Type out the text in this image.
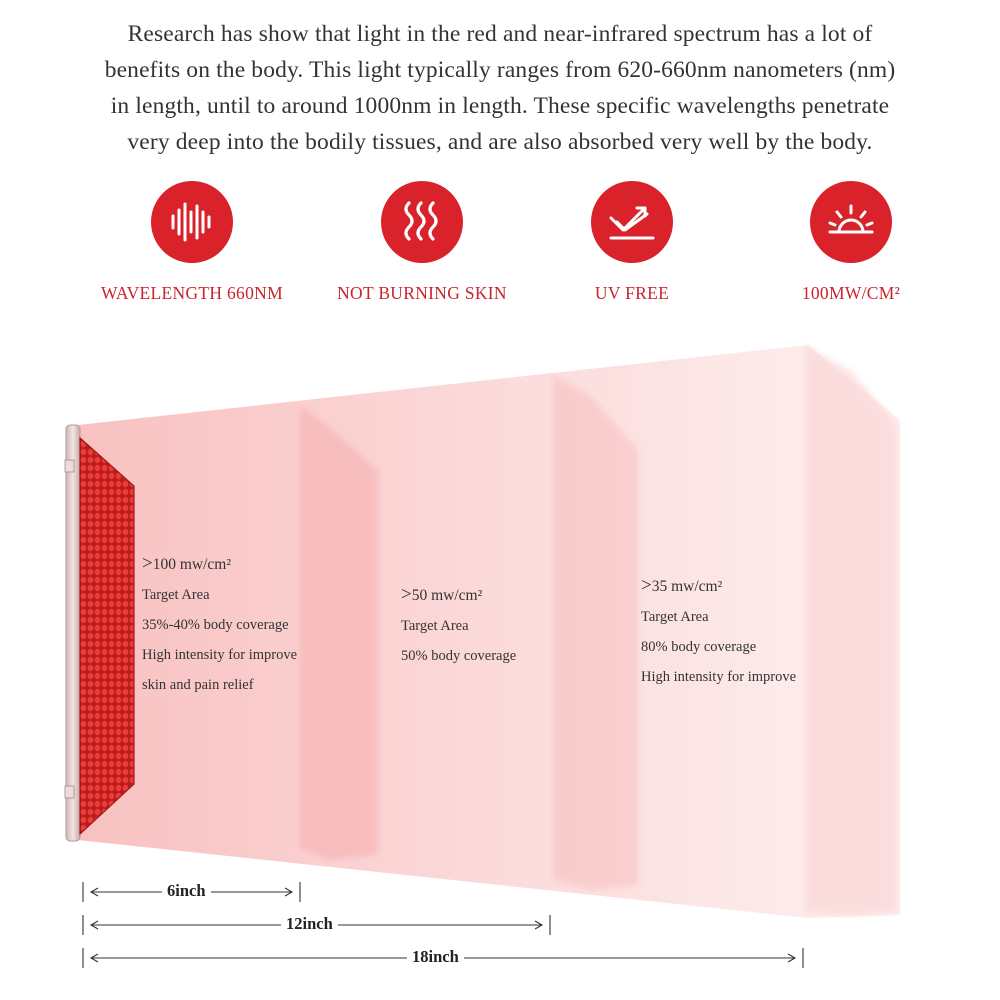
Research has show that light in the red and near-infrared spectrum has a lot of
benefits on the body. This light typically ranges from 620-660nm nanometers (nm)
in length, until to around 1000nm in length. These specific wavelengths penetrate
very deep into the bodily tissues, and are also absorbed very well by the body.
WAVELENGTH 660NM	NOT BURNING SKIN	UV FREE	100MW/CM²
>100 mw/cm²
Target Area
35%-40% body coverage
High intensity for improve
skin and pain relief
>50 mw/cm²
Target Area
50% body coverage
>35 mw/cm²
Target Area
80% body coverage
High intensity for improve
6inch
12inch
18inch
